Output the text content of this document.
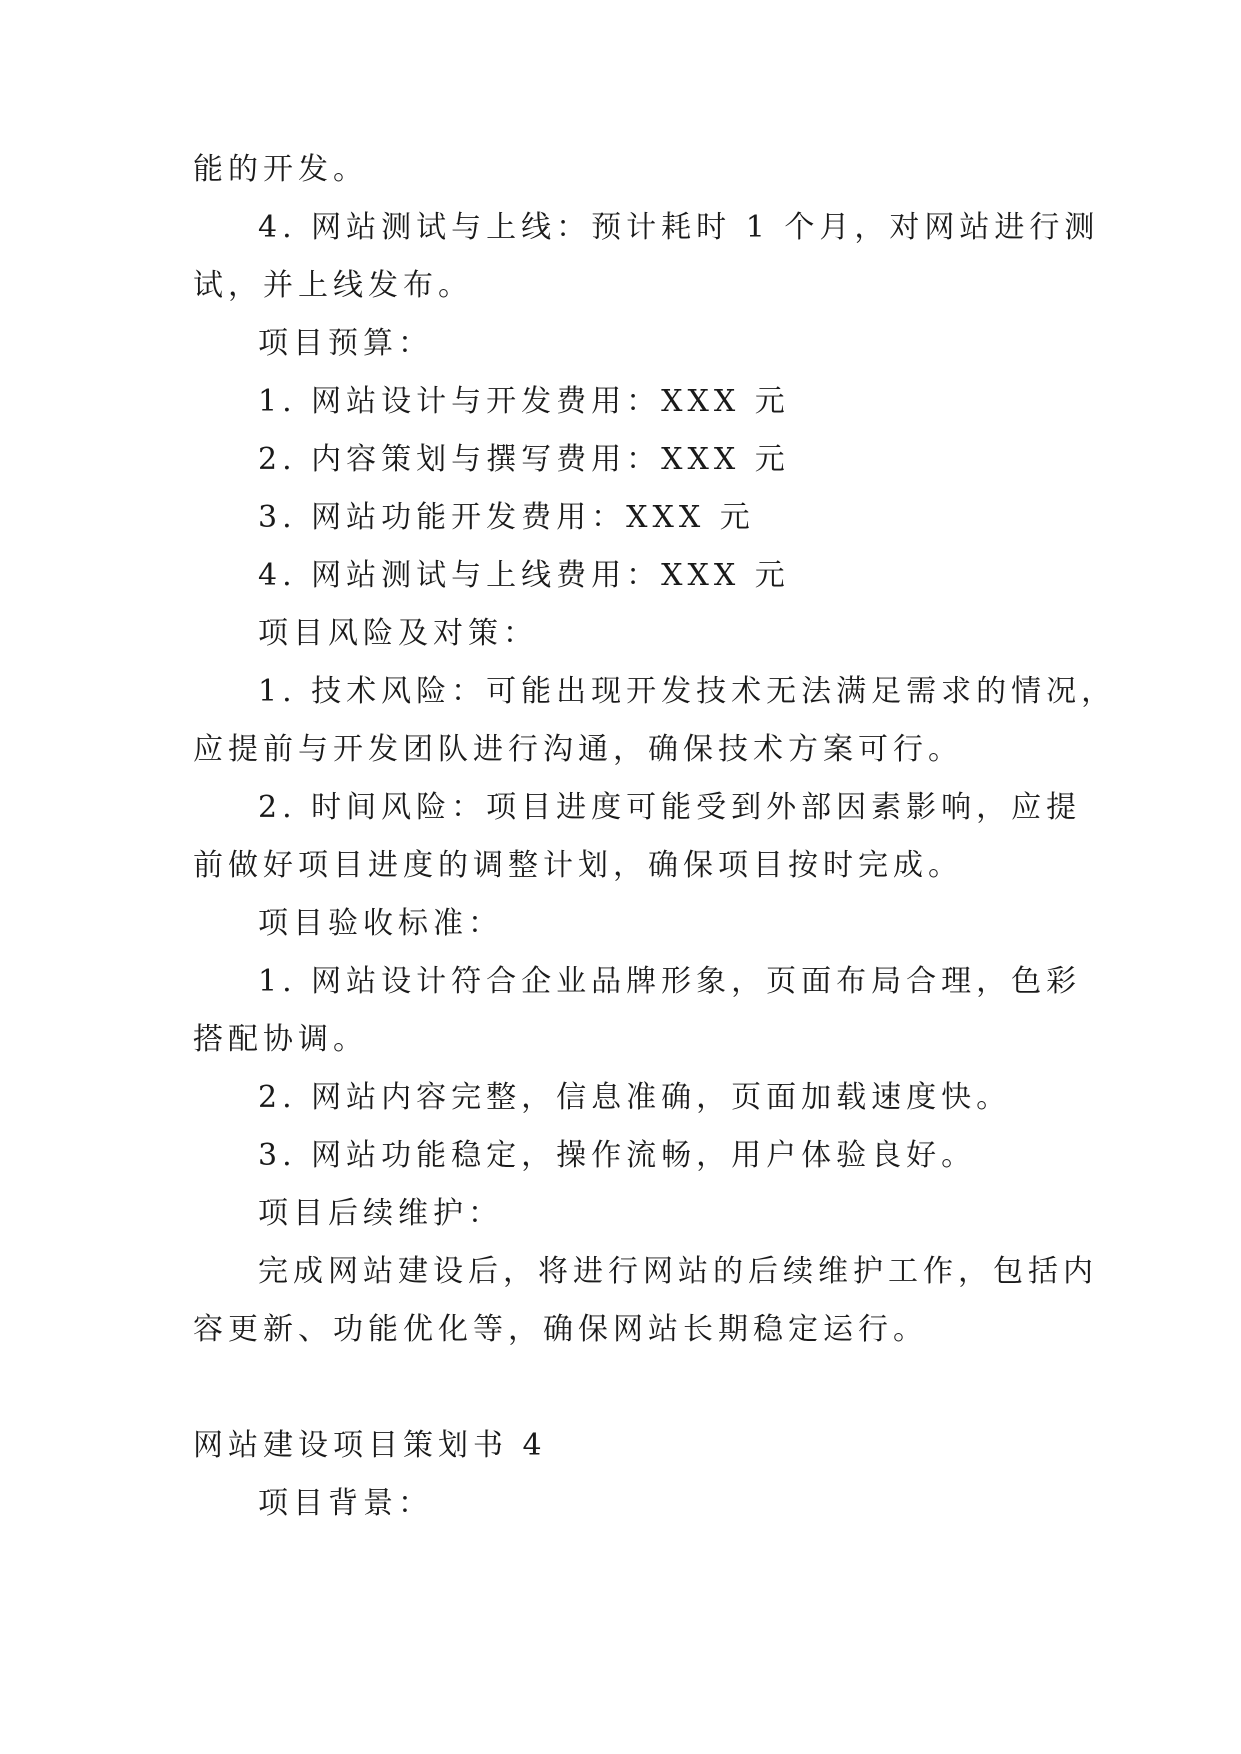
能的开发。
4. 网站测试与上线：预计耗时 1 个月，对网站进行测
试，并上线发布。
项目预算：
1. 网站设计与开发费用：XXX 元
2. 内容策划与撰写费用：XXX 元
3. 网站功能开发费用：XXX 元
4. 网站测试与上线费用：XXX 元
项目风险及对策：
1. 技术风险：可能出现开发技术无法满足需求的情况，
应提前与开发团队进行沟通，确保技术方案可行。
2. 时间风险：项目进度可能受到外部因素影响，应提
前做好项目进度的调整计划，确保项目按时完成。
项目验收标准：
1. 网站设计符合企业品牌形象，页面布局合理，色彩
搭配协调。
2. 网站内容完整，信息准确，页面加载速度快。
3. 网站功能稳定，操作流畅，用户体验良好。
项目后续维护：
完成网站建设后，将进行网站的后续维护工作，包括内
容更新、功能优化等，确保网站长期稳定运行。
网站建设项目策划书 4
项目背景：
